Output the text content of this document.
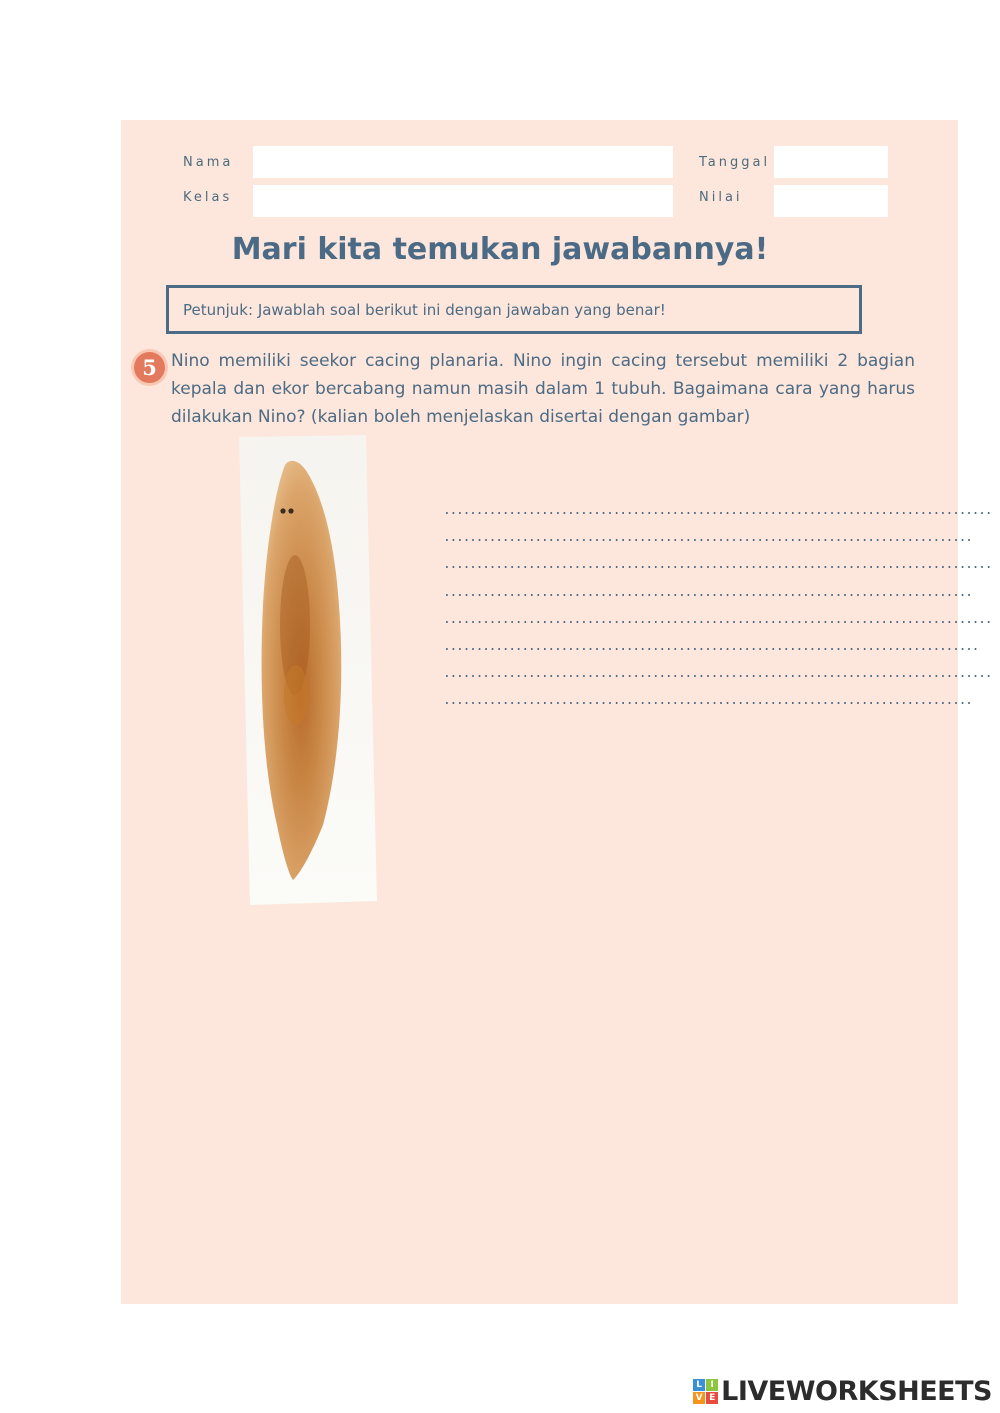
Nama
Kelas
Tanggal
Nilai
Mari kita temukan jawabannya!
Petunjuk: Jawablah soal berikut ini dengan jawaban yang benar!
5 Nino memiliki seekor cacing planaria. Nino ingin cacing tersebut memiliki 2 bagian kepala dan ekor bercabang namun masih dalam 1 tubuh. Bagaimana cara yang harus dilakukan Nino? (kalian boleh menjelaskan disertai dengan gambar)
....................................................................................
.................................................................................
....................................................................................
.................................................................................
....................................................................................
..................................................................................
....................................................................................
.................................................................................
L I
V E LIVEWORKSHEETS
